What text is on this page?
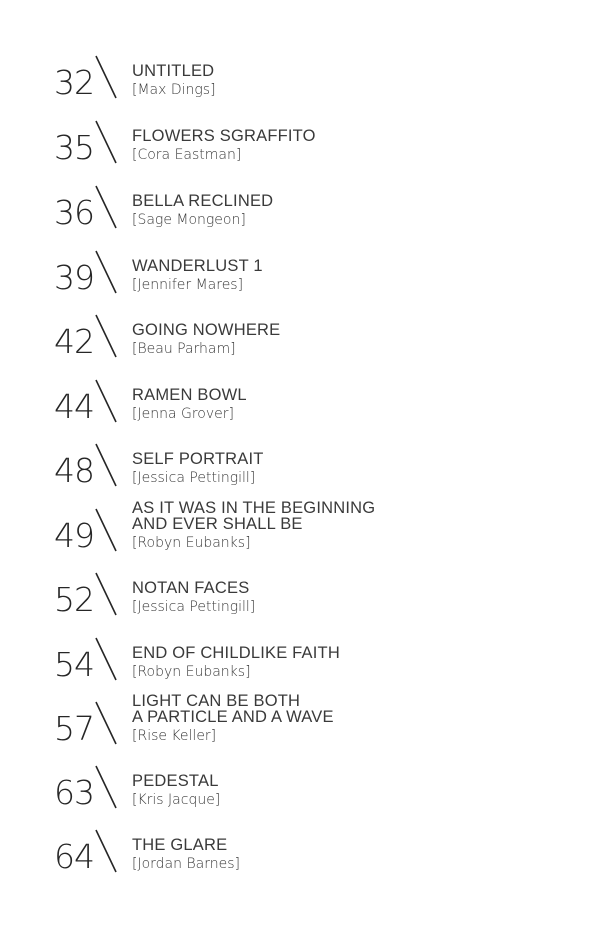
32 UNTITLED
[Max Dings]
35 FLOWERS SGRAFFITO
[Cora Eastman]
36 BELLA RECLINED
[Sage Mongeon]
39 WANDERLUST 1
[Jennifer Mares]
42 GOING NOWHERE
[Beau Parham]
44 RAMEN BOWL
[Jenna Grover]
48 SELF PORTRAIT
[Jessica Pettingill]
49
AS IT WAS IN THE BEGINNING
AND EVER SHALL BE
[Robyn Eubanks]
52 NOTAN FACES
[Jessica Pettingill]
54 END OF CHILDLIKE FAITH
[Robyn Eubanks]
57
LIGHT CAN BE BOTH
A PARTICLE AND A WAVE
[Rise Keller]
63 PEDESTAL
[Kris Jacque]
64 THE GLARE
[Jordan Barnes]
